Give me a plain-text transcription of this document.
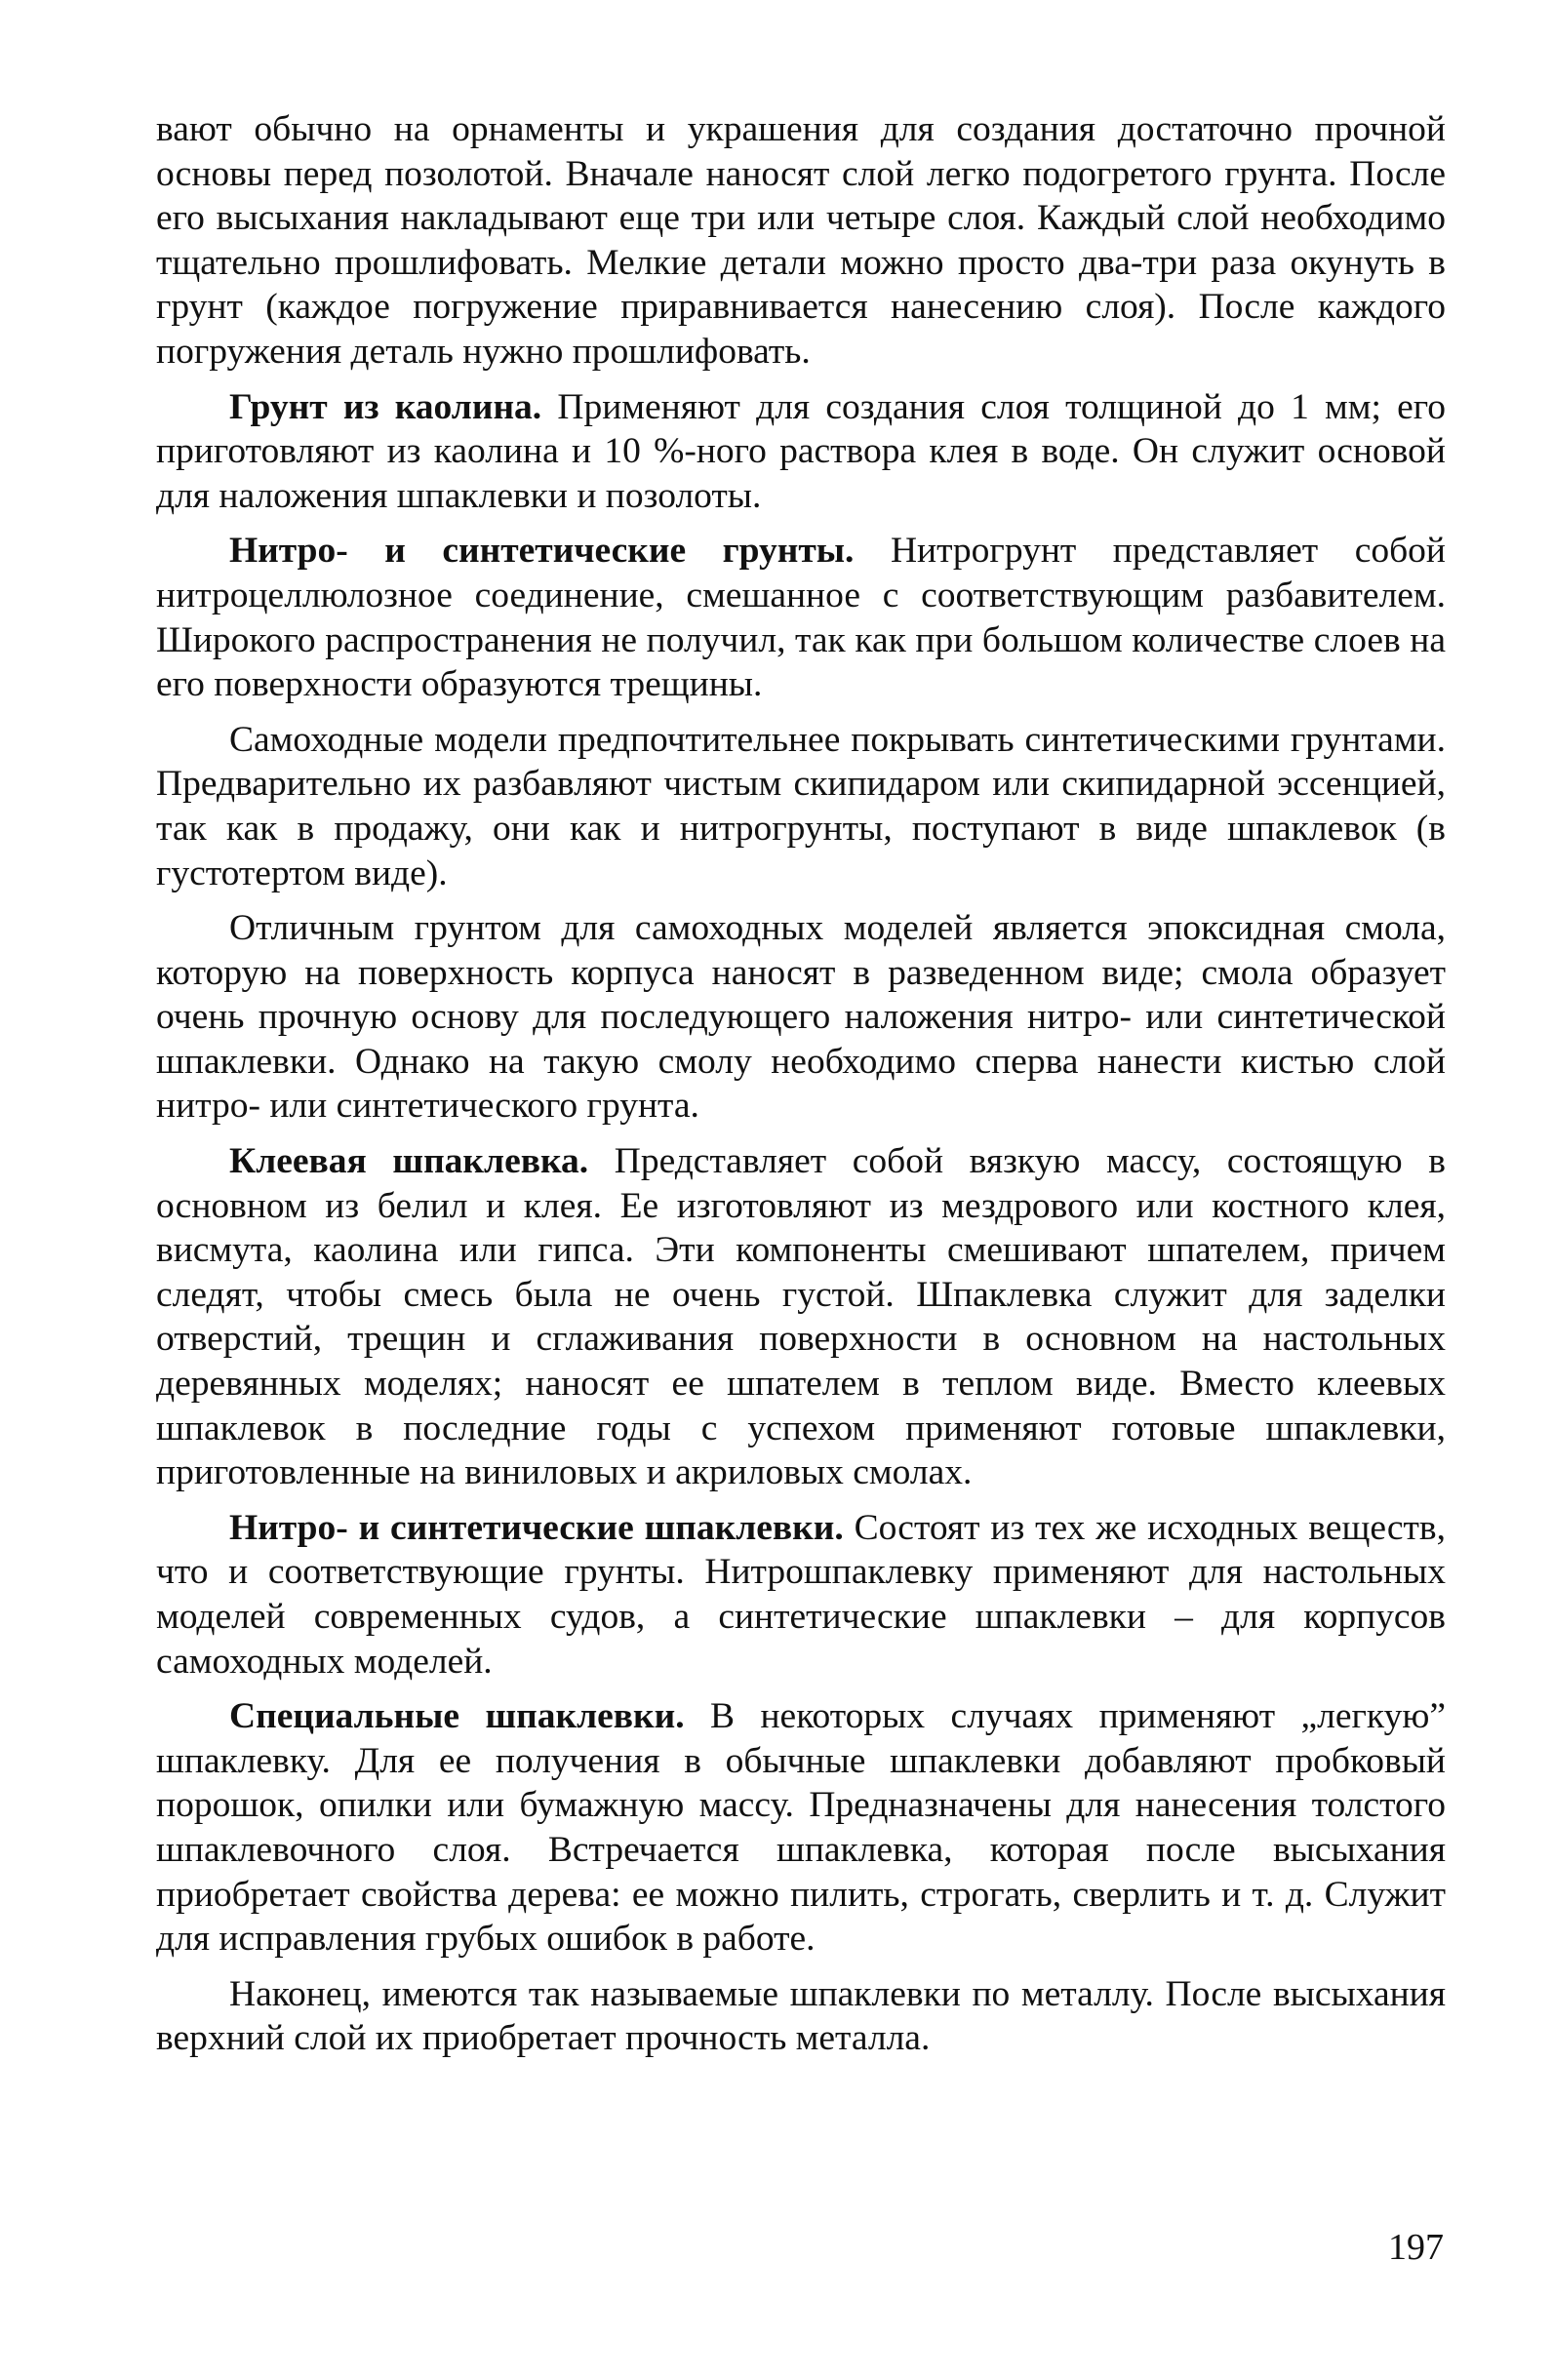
вают обычно на орнаменты и украшения для создания достаточно прочной основы перед позолотой. Вначале наносят слой легко подогретого грунта. После его высыхания накладывают еще три или четыре слоя. Каждый слой необходимо тщательно прошлифовать. Мелкие детали можно просто два-три раза окунуть в грунт (каждое погружение приравнивается нанесению слоя). После каждого погружения деталь нужно прошлифовать.

Грунт из каолина. Применяют для создания слоя толщиной до 1 мм; его приготовляют из каолина и 10 %-ного раствора клея в воде. Он служит основой для наложения шпаклевки и позолоты.

Нитро- и синтетические грунты. Нитрогрунт представляет собой нитроцеллюлозное соединение, смешанное с соответствующим разбавителем. Широкого распространения не получил, так как при большом количестве слоев на его поверхности образуются трещины.

Самоходные модели предпочтительнее покрывать синтетическими грунтами. Предварительно их разбавляют чистым скипидаром или скипидарной эссенцией, так как в продажу, они как и нитрогрунты, поступают в виде шпаклевок (в густотертом виде).

Отличным грунтом для самоходных моделей является эпоксидная смола, которую на поверхность корпуса наносят в разведенном виде; смола образует очень прочную основу для последующего наложения нитро- или синтетической шпаклевки. Однако на такую смолу необходимо сперва нанести кистью слой нитро- или синтетического грунта.

Клеевая шпаклевка. Представляет собой вязкую массу, состоящую в основном из белил и клея. Ее изготовляют из мездрового или костного клея, висмута, каолина или гипса. Эти компоненты смешивают шпателем, причем следят, чтобы смесь была не очень густой. Шпаклевка служит для заделки отверстий, трещин и сглаживания поверхности в основном на настольных деревянных моделях; наносят ее шпателем в теплом виде. Вместо клеевых шпаклевок в последние годы с успехом применяют готовые шпаклевки, приготовленные на виниловых и акриловых смолах.

Нитро- и синтетические шпаклевки. Состоят из тех же исходных веществ, что и соответствующие грунты. Нитрошпаклевку применяют для настольных моделей современных судов, а синтетические шпаклевки – для корпусов самоходных моделей.

Специальные шпаклевки. В некоторых случаях применяют „легкую” шпаклевку. Для ее получения в обычные шпаклевки добавляют пробковый порошок, опилки или бумажную массу. Предназначены для нанесения толстого шпаклевочного слоя. Встречается шпаклевка, которая после высыхания приобретает свойства дерева: ее можно пилить, строгать, сверлить и т. д. Служит для исправления грубых ошибок в работе.

Наконец, имеются так называемые шпаклевки по металлу. После высыхания верхний слой их приобретает прочность металла.

197
